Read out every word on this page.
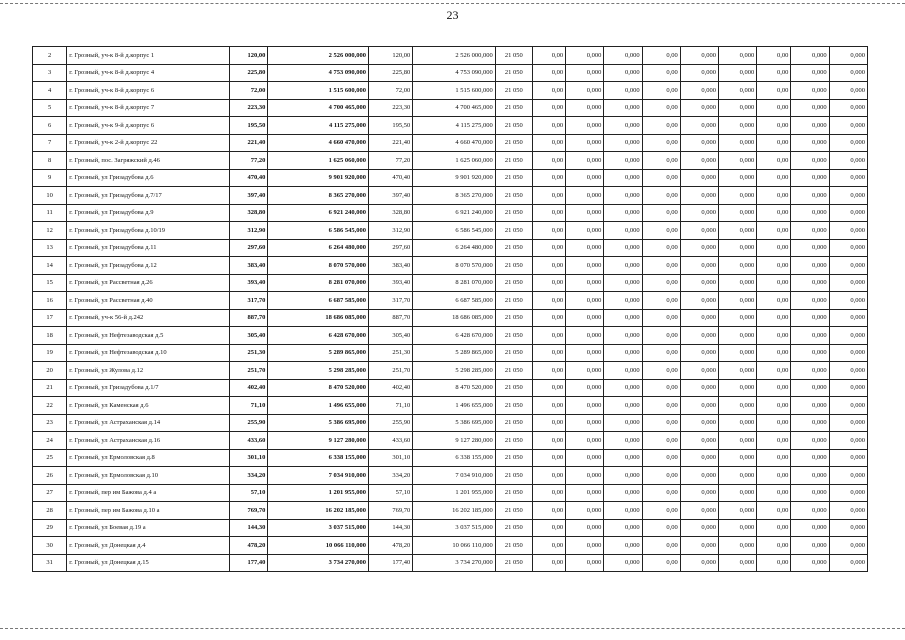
23
2	г. Грозный, уч-к 8-й д.корпус 1	120,00	2 526 000,000	120,00	2 526 000,000	21 050	0,00	0,000	0,000	0,00	0,000	0,000	0,00	0,000	0,000
3	г. Грозный, уч-к 8-й д.корпус 4	225,80	4 753 090,000	225,80	4 753 090,000	21 050	0,00	0,000	0,000	0,00	0,000	0,000	0,00	0,000	0,000
4	г. Грозный, уч-к 8-й д.корпус 6	72,00	1 515 600,000	72,00	1 515 600,000	21 050	0,00	0,000	0,000	0,00	0,000	0,000	0,00	0,000	0,000
5	г. Грозный, уч-к 8-й д.корпус 7	223,30	4 700 465,000	223,30	4 700 465,000	21 050	0,00	0,000	0,000	0,00	0,000	0,000	0,00	0,000	0,000
6	г. Грозный, уч-к 9-й д.корпус 6	195,50	4 115 275,000	195,50	4 115 275,000	21 050	0,00	0,000	0,000	0,00	0,000	0,000	0,00	0,000	0,000
7	г. Грозный, уч-к 2-й д.корпус 22	221,40	4 660 470,000	221,40	4 660 470,000	21 050	0,00	0,000	0,000	0,00	0,000	0,000	0,00	0,000	0,000
8	г. Грозный, пос. Загряжский д.46	77,20	1 625 060,000	77,20	1 625 060,000	21 050	0,00	0,000	0,000	0,00	0,000	0,000	0,00	0,000	0,000
9	г. Грозный, ул Гризадубова д.6	470,40	9 901 920,000	470,40	9 901 920,000	21 050	0,00	0,000	0,000	0,00	0,000	0,000	0,00	0,000	0,000
10	г. Грозный, ул Гризадубова д.7/17	397,40	8 365 270,000	397,40	8 365 270,000	21 050	0,00	0,000	0,000	0,00	0,000	0,000	0,00	0,000	0,000
11	г. Грозный, ул Гризадубова д.9	328,80	6 921 240,000	328,80	6 921 240,000	21 050	0,00	0,000	0,000	0,00	0,000	0,000	0,00	0,000	0,000
12	г. Грозный, ул Гризадубова д.10/19	312,90	6 586 545,000	312,90	6 586 545,000	21 050	0,00	0,000	0,000	0,00	0,000	0,000	0,00	0,000	0,000
13	г. Грозный, ул Гризадубова д.11	297,60	6 264 480,000	297,60	6 264 480,000	21 050	0,00	0,000	0,000	0,00	0,000	0,000	0,00	0,000	0,000
14	г. Грозный, ул Гризадубова д.12	383,40	8 070 570,000	383,40	8 070 570,000	21 050	0,00	0,000	0,000	0,00	0,000	0,000	0,00	0,000	0,000
15	г. Грозный, ул Рассветная д.26	393,40	8 281 070,000	393,40	8 281 070,000	21 050	0,00	0,000	0,000	0,00	0,000	0,000	0,00	0,000	0,000
16	г. Грозный, ул Рассветная д.40	317,70	6 687 585,000	317,70	6 687 585,000	21 050	0,00	0,000	0,000	0,00	0,000	0,000	0,00	0,000	0,000
17	г. Грозный, уч-к 56-й д.242	887,70	18 686 085,000	887,70	18 686 085,000	21 050	0,00	0,000	0,000	0,00	0,000	0,000	0,00	0,000	0,000
18	г. Грозный, ул Нефтезаводская д.5	305,40	6 428 670,000	305,40	6 428 670,000	21 050	0,00	0,000	0,000	0,00	0,000	0,000	0,00	0,000	0,000
19	г. Грозный, ул Нефтезаводская д.10	251,30	5 289 865,000	251,30	5 289 865,000	21 050	0,00	0,000	0,000	0,00	0,000	0,000	0,00	0,000	0,000
20	г. Грозный, ул Жулова д.12	251,70	5 298 285,000	251,70	5 298 285,000	21 050	0,00	0,000	0,000	0,00	0,000	0,000	0,00	0,000	0,000
21	г. Грозный, ул Гризадубова д.1/7	402,40	8 470 520,000	402,40	8 470 520,000	21 050	0,00	0,000	0,000	0,00	0,000	0,000	0,00	0,000	0,000
22	г. Грозный, ул Каменская д.6	71,10	1 496 655,000	71,10	1 496 655,000	21 050	0,00	0,000	0,000	0,00	0,000	0,000	0,00	0,000	0,000
23	г. Грозный, ул Астраханская д.14	255,90	5 386 695,000	255,90	5 386 695,000	21 050	0,00	0,000	0,000	0,00	0,000	0,000	0,00	0,000	0,000
24	г. Грозный, ул Астраханская д.16	433,60	9 127 280,000	433,60	9 127 280,000	21 050	0,00	0,000	0,000	0,00	0,000	0,000	0,00	0,000	0,000
25	г. Грозный, ул Ермоловская д.8	301,10	6 338 155,000	301,10	6 338 155,000	21 050	0,00	0,000	0,000	0,00	0,000	0,000	0,00	0,000	0,000
26	г. Грозный, ул Ермоловская д.10	334,20	7 034 910,000	334,20	7 034 910,000	21 050	0,00	0,000	0,000	0,00	0,000	0,000	0,00	0,000	0,000
27	г. Грозный, пер им Бажова д.4 а	57,10	1 201 955,000	57,10	1 201 955,000	21 050	0,00	0,000	0,000	0,00	0,000	0,000	0,00	0,000	0,000
28	г. Грозный, пер им Бажова д.10 а	769,70	16 202 185,000	769,70	16 202 185,000	21 050	0,00	0,000	0,000	0,00	0,000	0,000	0,00	0,000	0,000
29	г. Грозный, ул Боевая д.19 а	144,30	3 037 515,000	144,30	3 037 515,000	21 050	0,00	0,000	0,000	0,00	0,000	0,000	0,00	0,000	0,000
30	г. Грозный, ул Донецкая д.4	478,20	10 066 110,000	478,20	10 066 110,000	21 050	0,00	0,000	0,000	0,00	0,000	0,000	0,00	0,000	0,000
31	г. Грозный, ул Донецкая д.15	177,40	3 734 270,000	177,40	3 734 270,000	21 050	0,00	0,000	0,000	0,00	0,000	0,000	0,00	0,000	0,000
